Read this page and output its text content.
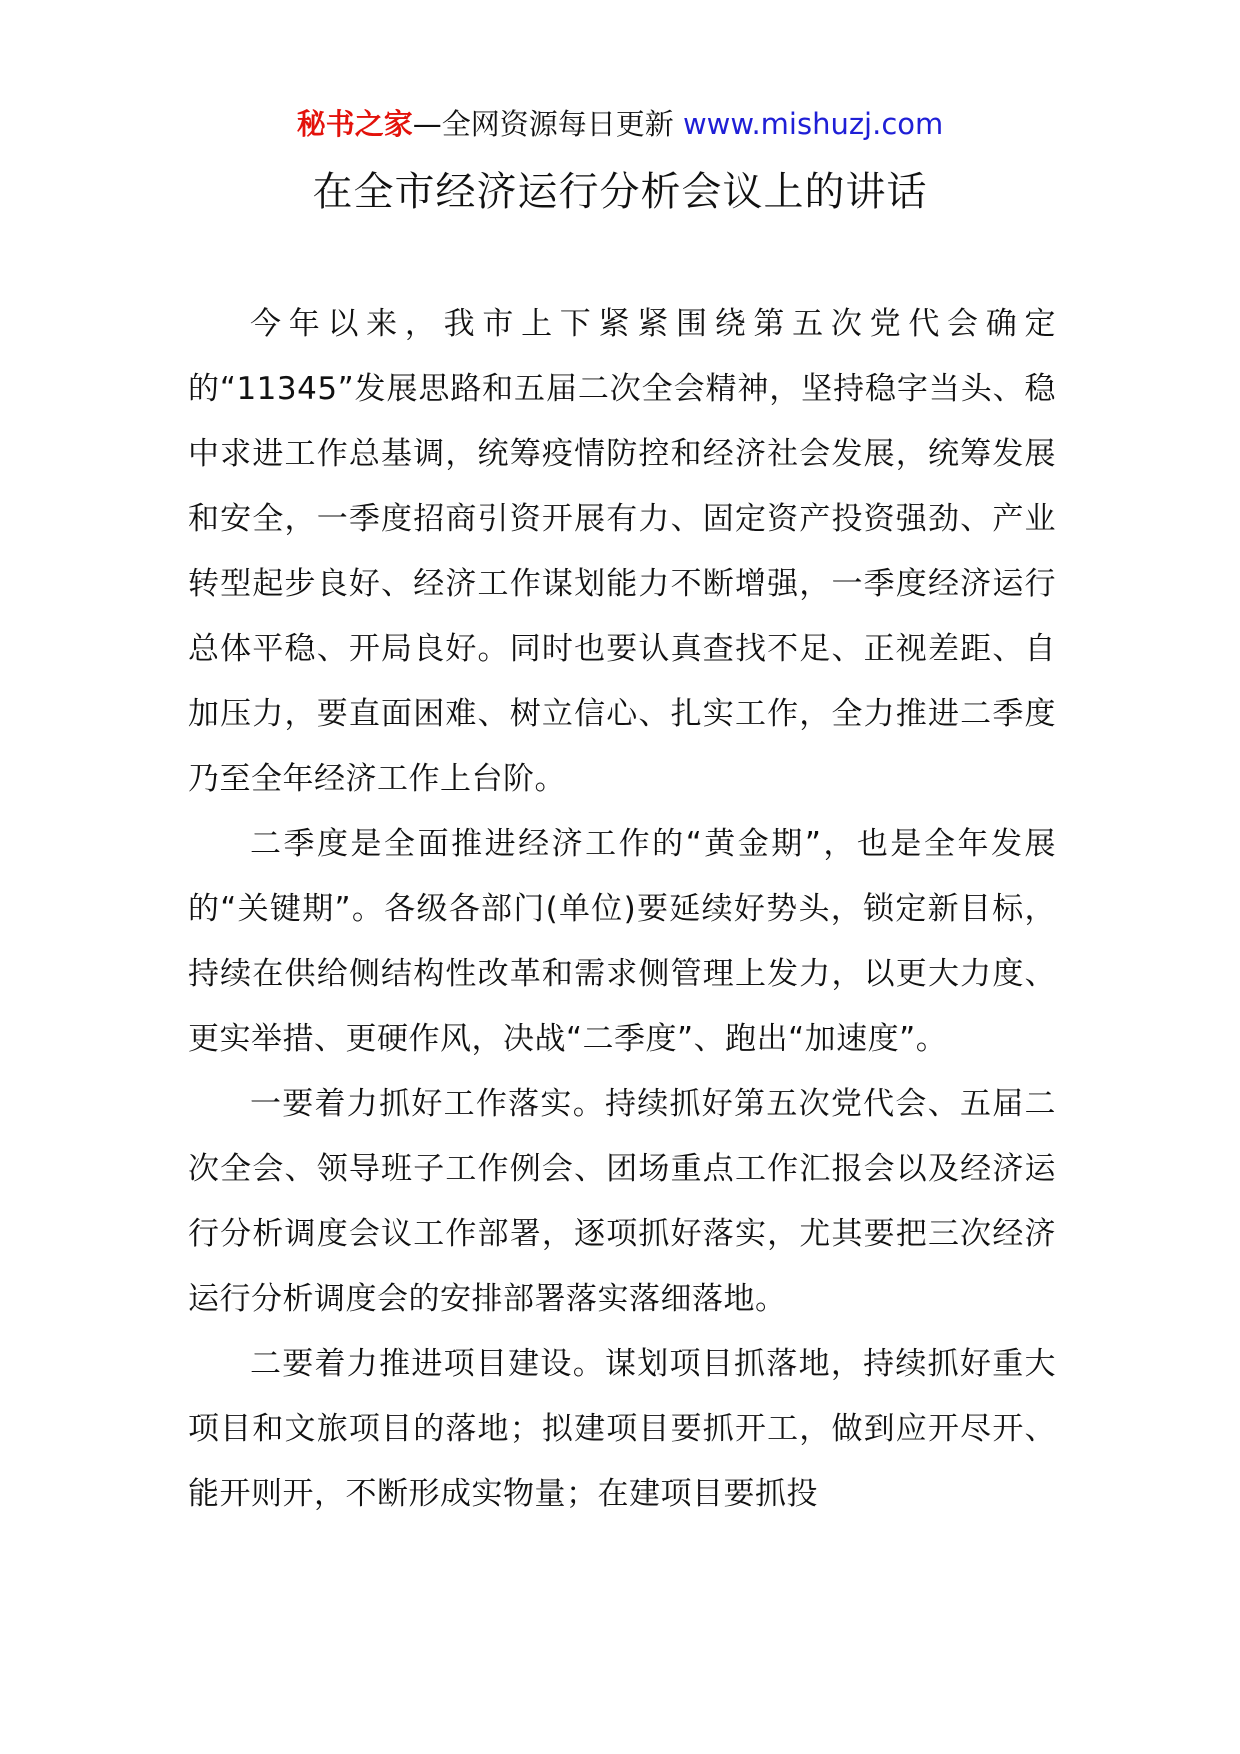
秘书之家—全网资源每日更新 www.mishuzj.com
在全市经济运行分析会议上的讲话

今年以来，我市上下紧紧围绕第五次党代会确定的“11345”发展思路和五届二次全会精神，坚持稳字当头、稳中求进工作总基调，统筹疫情防控和经济社会发展，统筹发展和安全，一季度招商引资开展有力、固定资产投资强劲、产业转型起步良好、经济工作谋划能力不断增强，一季度经济运行总体平稳、开局良好。同时也要认真查找不足、正视差距、自加压力，要直面困难、树立信心、扎实工作，全力推进二季度乃至全年经济工作上台阶。

二季度是全面推进经济工作的“黄金期”，也是全年发展的“关键期”。各级各部门(单位)要延续好势头，锁定新目标，持续在供给侧结构性改革和需求侧管理上发力，以更大力度、更实举措、更硬作风，决战“二季度”、跑出“加速度”。

一要着力抓好工作落实。持续抓好第五次党代会、五届二次全会、领导班子工作例会、团场重点工作汇报会以及经济运行分析调度会议工作部署，逐项抓好落实，尤其要把三次经济运行分析调度会的安排部署落实落细落地。

二要着力推进项目建设。谋划项目抓落地，持续抓好重大项目和文旅项目的落地；拟建项目要抓开工，做到应开尽开、能开则开，不断形成实物量；在建项目要抓投
